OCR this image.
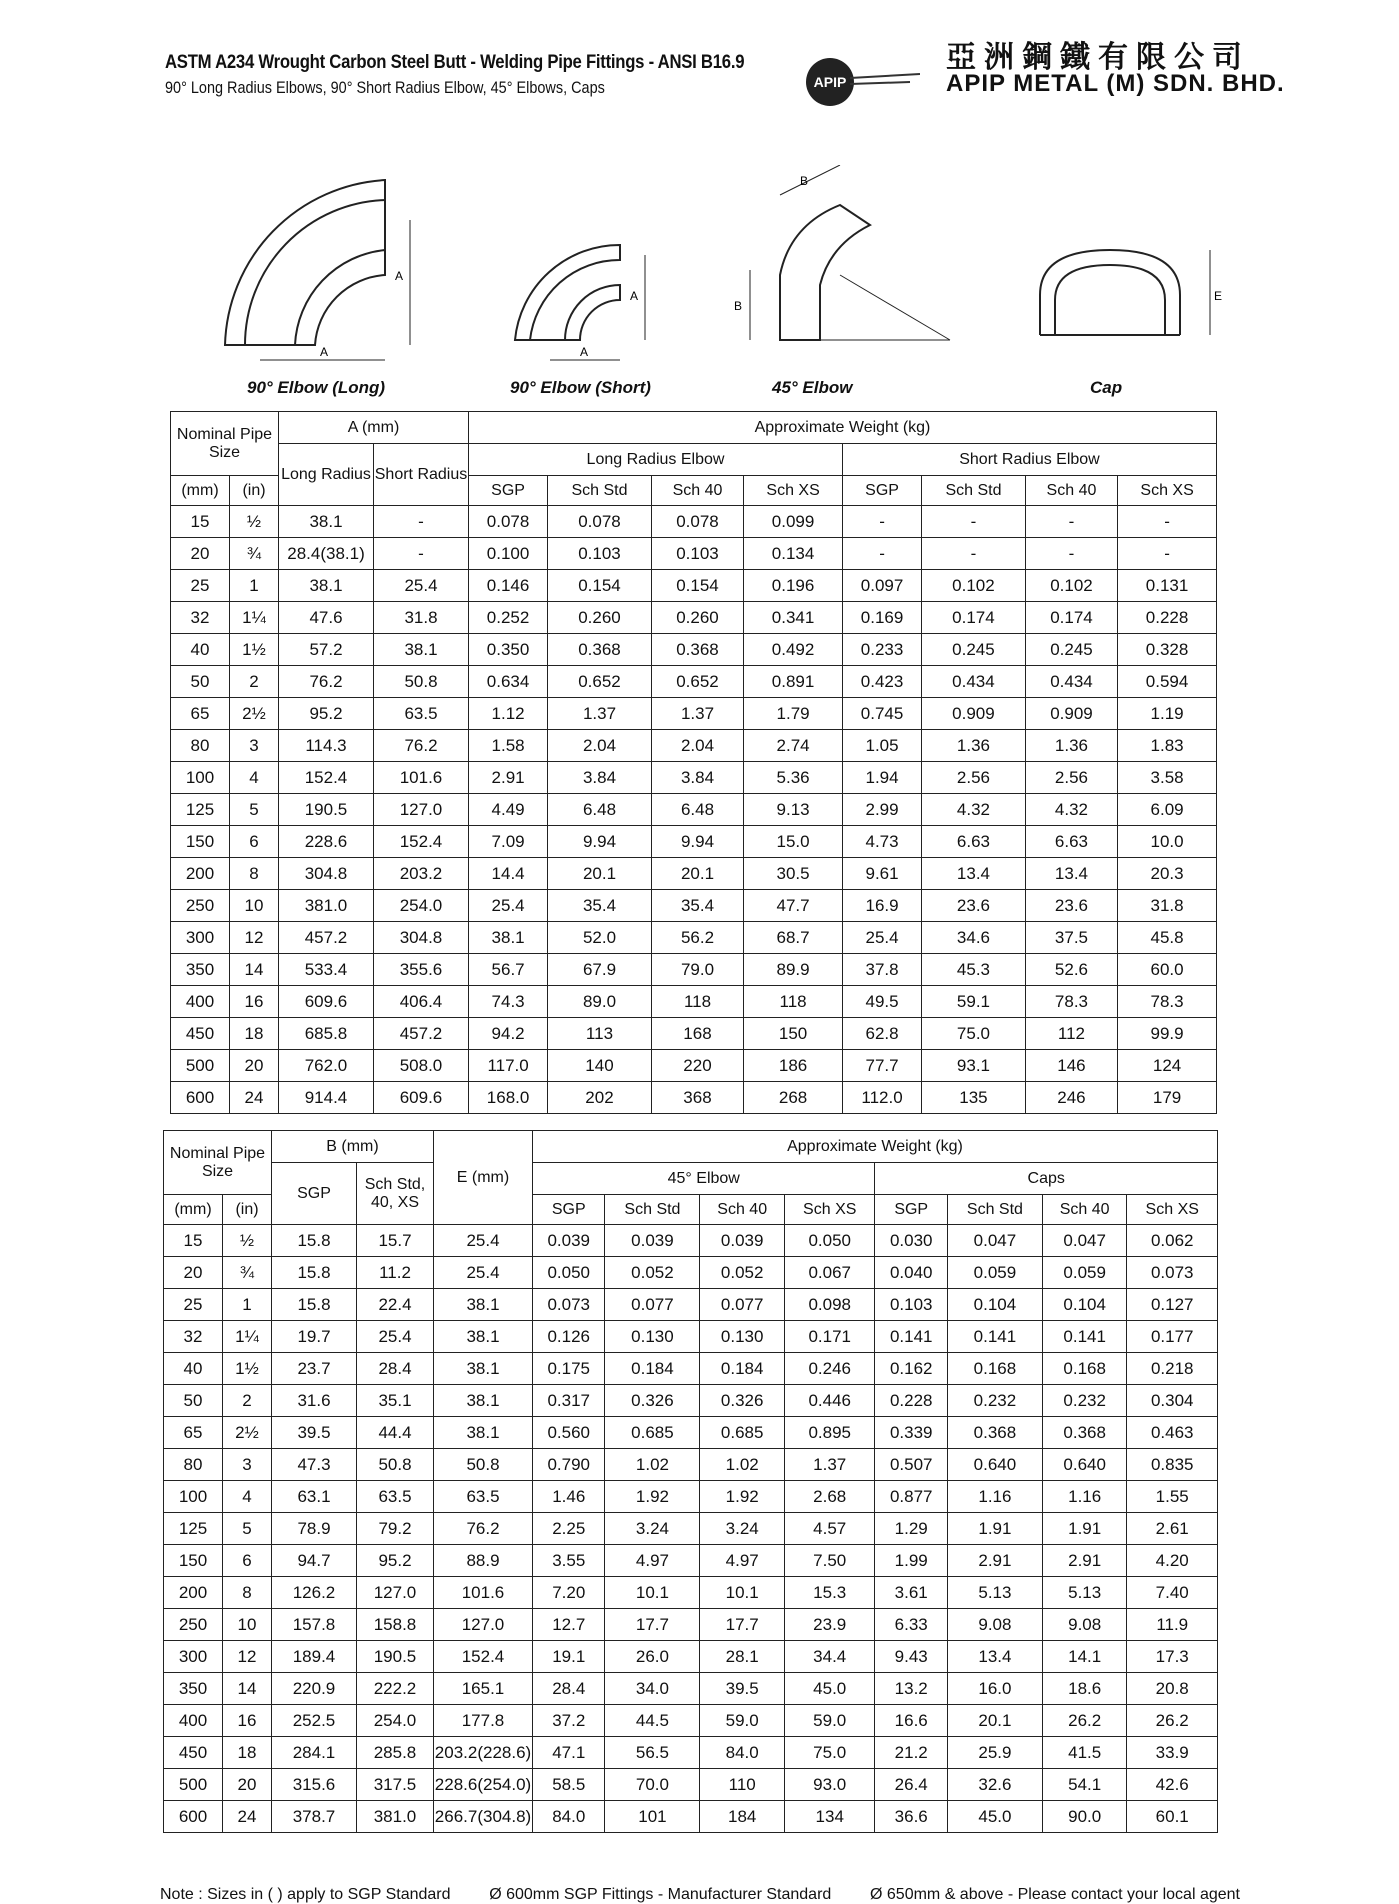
ASTM A234 Wrought Carbon Steel Butt - Welding Pipe Fittings - ANSI B16.9
90° Long Radius Elbows, 90° Short Radius Elbow, 45° Elbows, Caps	APIP
亞洲鋼鐵有限公司
APIP METAL (M) SDN. BHD.
A
A
A
A
B
B
E
90° Elbow (Long)	90° Elbow (Short)	45° Elbow	Cap
Nominal Pipe Size		A (mm)		Approximate Weight (kg)							
		Long Radius	Short Radius	Long Radius Elbow				Short Radius Elbow			
(mm)	(in)			SGP	Sch Std	Sch 40	Sch XS	SGP	Sch Std	Sch 40	Sch XS
15	½	38.1	-	0.078	0.078	0.078	0.099	-	-	-	-
20	¾	28.4(38.1)	-	0.100	0.103	0.103	0.134	-	-	-	-
25	1	38.1	25.4	0.146	0.154	0.154	0.196	0.097	0.102	0.102	0.131
32	1¼	47.6	31.8	0.252	0.260	0.260	0.341	0.169	0.174	0.174	0.228
40	1½	57.2	38.1	0.350	0.368	0.368	0.492	0.233	0.245	0.245	0.328
50	2	76.2	50.8	0.634	0.652	0.652	0.891	0.423	0.434	0.434	0.594
65	2½	95.2	63.5	1.12	1.37	1.37	1.79	0.745	0.909	0.909	1.19
80	3	114.3	76.2	1.58	2.04	2.04	2.74	1.05	1.36	1.36	1.83
100	4	152.4	101.6	2.91	3.84	3.84	5.36	1.94	2.56	2.56	3.58
125	5	190.5	127.0	4.49	6.48	6.48	9.13	2.99	4.32	4.32	6.09
150	6	228.6	152.4	7.09	9.94	9.94	15.0	4.73	6.63	6.63	10.0
200	8	304.8	203.2	14.4	20.1	20.1	30.5	9.61	13.4	13.4	20.3
250	10	381.0	254.0	25.4	35.4	35.4	47.7	16.9	23.6	23.6	31.8
300	12	457.2	304.8	38.1	52.0	56.2	68.7	25.4	34.6	37.5	45.8
350	14	533.4	355.6	56.7	67.9	79.0	89.9	37.8	45.3	52.6	60.0
400	16	609.6	406.4	74.3	89.0	118	118	49.5	59.1	78.3	78.3
450	18	685.8	457.2	94.2	113	168	150	62.8	75.0	112	99.9
500	20	762.0	508.0	117.0	140	220	186	77.7	93.1	146	124
600	24	914.4	609.6	168.0	202	368	268	112.0	135	246	179
Nominal Pipe Size		B (mm)		E (mm)	Approximate Weight (kg)							
		SGP	Sch Std, 40, XS		45° Elbow				Caps			
(mm)	(in)				SGP	Sch Std	Sch 40	Sch XS	SGP	Sch Std	Sch 40	Sch XS
15	½	15.8	15.7	25.4	0.039	0.039	0.039	0.050	0.030	0.047	0.047	0.062
20	¾	15.8	11.2	25.4	0.050	0.052	0.052	0.067	0.040	0.059	0.059	0.073
25	1	15.8	22.4	38.1	0.073	0.077	0.077	0.098	0.103	0.104	0.104	0.127
32	1¼	19.7	25.4	38.1	0.126	0.130	0.130	0.171	0.141	0.141	0.141	0.177
40	1½	23.7	28.4	38.1	0.175	0.184	0.184	0.246	0.162	0.168	0.168	0.218
50	2	31.6	35.1	38.1	0.317	0.326	0.326	0.446	0.228	0.232	0.232	0.304
65	2½	39.5	44.4	38.1	0.560	0.685	0.685	0.895	0.339	0.368	0.368	0.463
80	3	47.3	50.8	50.8	0.790	1.02	1.02	1.37	0.507	0.640	0.640	0.835
100	4	63.1	63.5	63.5	1.46	1.92	1.92	2.68	0.877	1.16	1.16	1.55
125	5	78.9	79.2	76.2	2.25	3.24	3.24	4.57	1.29	1.91	1.91	2.61
150	6	94.7	95.2	88.9	3.55	4.97	4.97	7.50	1.99	2.91	2.91	4.20
200	8	126.2	127.0	101.6	7.20	10.1	10.1	15.3	3.61	5.13	5.13	7.40
250	10	157.8	158.8	127.0	12.7	17.7	17.7	23.9	6.33	9.08	9.08	11.9
300	12	189.4	190.5	152.4	19.1	26.0	28.1	34.4	9.43	13.4	14.1	17.3
350	14	220.9	222.2	165.1	28.4	34.0	39.5	45.0	13.2	16.0	18.6	20.8
400	16	252.5	254.0	177.8	37.2	44.5	59.0	59.0	16.6	20.1	26.2	26.2
450	18	284.1	285.8	203.2(228.6)	47.1	56.5	84.0	75.0	21.2	25.9	41.5	33.9
500	20	315.6	317.5	228.6(254.0)	58.5	70.0	110	93.0	26.4	32.6	54.1	42.6
600	24	378.7	381.0	266.7(304.8)	84.0	101	184	134	36.6	45.0	90.0	60.1
Note : Sizes in ( ) apply to SGP Standard Ø 600mm SGP Fittings - Manufacturer Standard Ø 650mm & above - Please contact your local agent
